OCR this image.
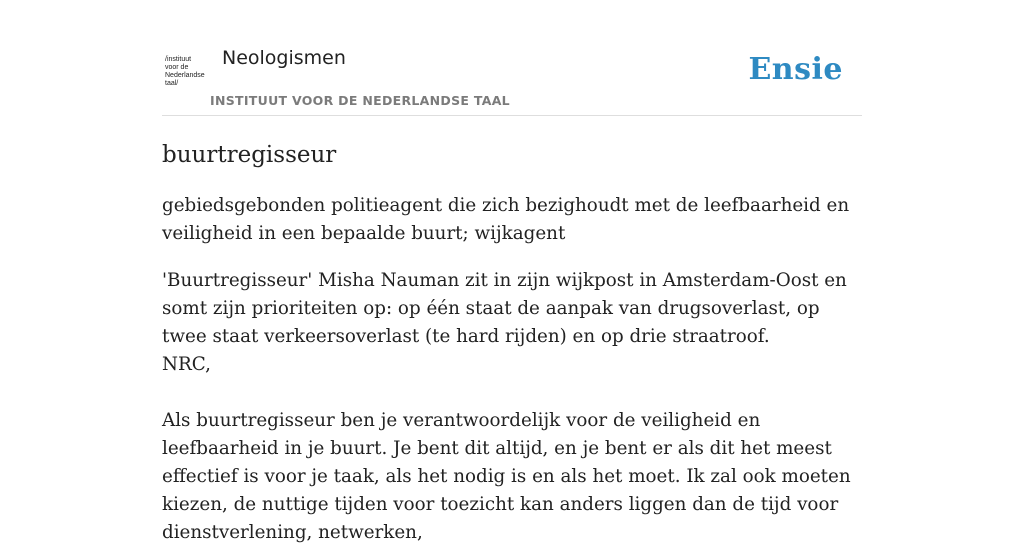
/instituut
voor de
Nederlandse
taal/
Neologismen
INSTITUUT VOOR DE NEDERLANDSE TAAL
Ensie
buurtregisseur

gebiedsgebonden politieagent die zich bezighoudt met de leefbaarheid en veiligheid in een bepaalde buurt; wijkagent

'Buurtregisseur' Misha Nauman zit in zijn wijkpost in Amsterdam-Oost en somt zijn prioriteiten op: op één staat de aanpak van drugsoverlast, op twee staat verkeersoverlast (te hard rijden) en op drie straatroof.

NRC,

Als buurtregisseur ben je verantwoordelijk voor de veiligheid en leefbaarheid in je buurt. Je bent dit altijd, en je bent er als dit het meest effectief is voor je taak, als het nodig is en als het moet. Ik zal ook moeten kiezen, de nuttige tijden voor toezicht kan anders liggen dan de tijd voor dienstverlening, netwerken,
